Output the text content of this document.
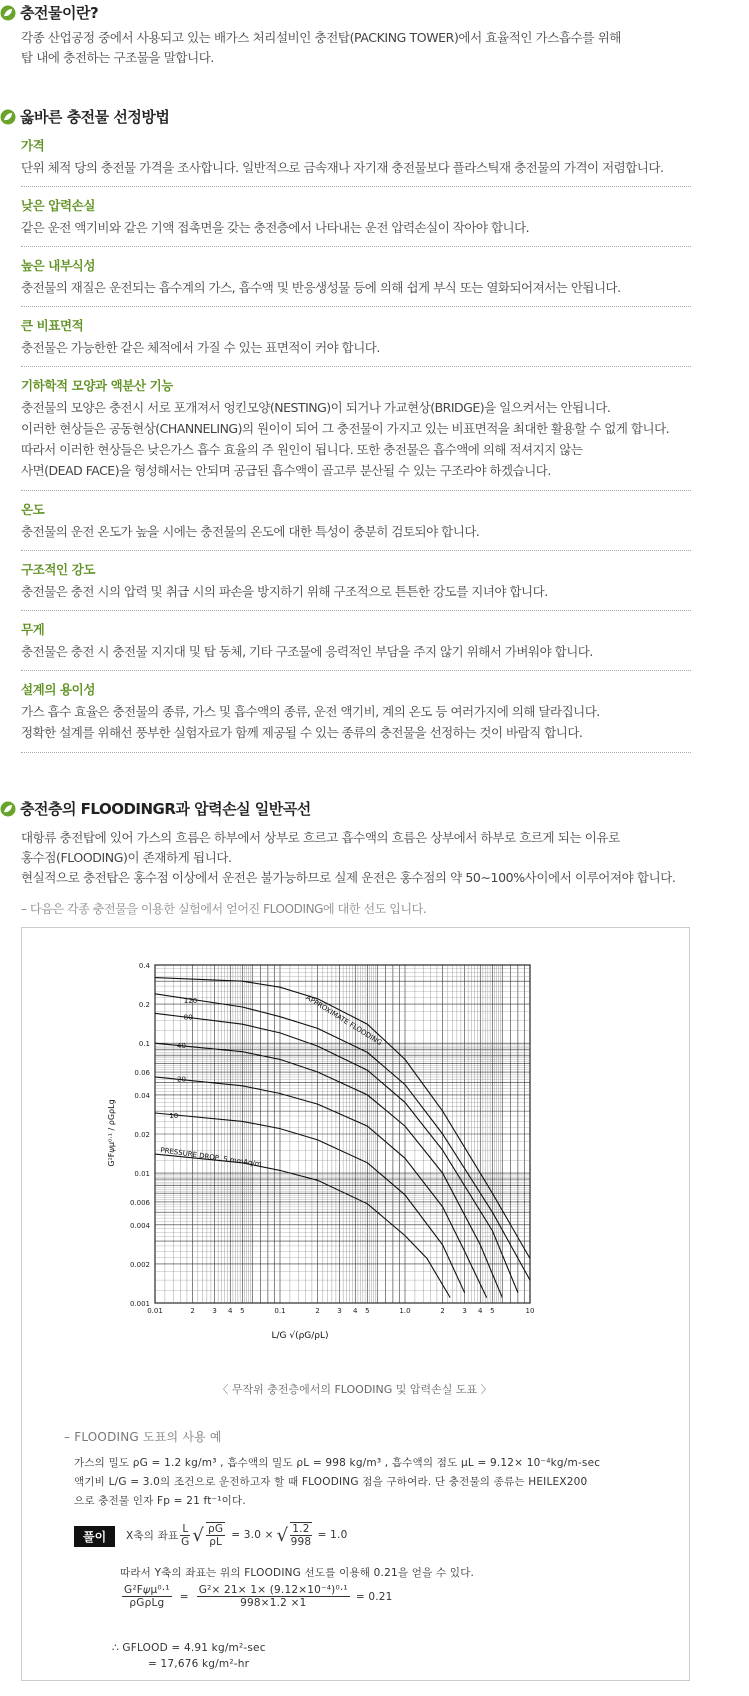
충전물이란?
각종 산업공정 중에서 사용되고 있는 배가스 처리설비인 충전탑(PACKING TOWER)에서 효율적인 가스흡수를 위해
탑 내에 충전하는 구조물을 말합니다.
옳바른 충전물 선정방법
가격
단위 체적 당의 충전물 가격을 조사합니다. 일반적으로 금속재나 자기재 충전물보다 플라스틱재 충전물의 가격이 저렴합니다.
낮은 압력손실
같은 운전 액기비와 같은 기액 접촉면을 갖는 충전층에서 나타내는 운전 압력손실이 작아야 합니다.
높은 내부식성
충전물의 재질은 운전되는 흡수계의 가스, 흡수액 및 반응생성물 등에 의해 쉽게 부식 또는 열화되어져서는 안됩니다.
큰 비표면적
충전물은 가능한한 같은 체적에서 가질 수 있는 표면적이 커야 합니다.
기하학적 모양과 액분산 기능
충전물의 모양은 충전시 서로 포개져서 엉킨모양(NESTING)이 되거나 가교현상(BRIDGE)을 일으켜서는 안됩니다.
이러한 현상들은 공동현상(CHANNELING)의 원이이 되어 그 충전물이 가지고 있는 비표면적을 최대한 활용할 수 없게 합니다.
따라서 이러한 현상들은 낮은가스 흡수 효율의 주 원인이 됩니다. 또한 충전물은 흡수액에 의해 적셔지지 않는
사면(DEAD FACE)을 형성해서는 안되며 공급된 흡수액이 골고루 분산될 수 있는 구조라야 하겠습니다.
온도
충전물의 운전 온도가 높을 시에는 충전물의 온도에 대한 특성이 충분히 검토되야 합니다.
구조적인 강도
충전물은 충전 시의 압력 및 취급 시의 파손을 방지하기 위해 구조적으로 튼튼한 강도를 지녀야 합니다.
무게
충전물은 충전 시 충전물 지지대 및 탑 동체, 기타 구조물에 응력적인 부담을 주지 않기 위해서 가벼워야 합니다.
설계의 용이성
가스 흡수 효율은 충전물의 종류, 가스 및 흡수액의 종류, 운전 액기비, 계의 온도 등 여러가지에 의해 달라집니다.
정확한 설계를 위해선 풍부한 실험자료가 함께 제공될 수 있는 종류의 충전물을 선정하는 것이 바람직 합니다.
충전층의 FLOODINGR과 압력손실 일반곡선
대항류 충전탑에 있어 가스의 흐름은 하부에서 상부로 흐르고 흡수액의 흐름은 상부에서 하부로 흐르게 되는 이유로
홍수점(FLOODING)이 존재하게 됩니다.
현실적으로 충전탑은 홍수점 이상에서 운전은 불가능하므로 실제 운전은 홍수점의 약 50∼100%사이에서 이루어져야 합니다.
– 다음은 각종 충전물을 이용한 실험에서 얻어진 FLOODING에 대한 선도 입니다.
0.4
0.2
0.1
0.06
0.04
0.02
0.01
0.006
0.004
0.002
0.001
0.01	2	3 4 5	0.1	2	3 4 5	1.0	2	3 4 5	10
120
80
40
20
10
APPROXIMATE FLOODING
PRESSURE DROP, 5 mmAq/m
G²F𝜓μ⁰·¹ / ρGρLg
L/G √(ρG/ρL)
〈 무작위 충전층에서의 FLOODING 및 압력손실 도표 〉
– FLOODING 도표의 사용 예
가스의 밀도 ρG = 1.2 kg/m³ , 흡수액의 밀도 ρL = 998 kg/m³ , 흡수액의 점도 μL = 9.12× 10⁻⁴kg/m-sec
액기비 L/G = 3.0의 조건으로 운전하고자 할 때 FLOODING 점을 구하여라. 단 충전물의 종류는 HEILEX200
으로 충전물 인자 Fp = 21 ft⁻¹이다.
풀이	X축의 좌표 $\frac{L}{G}$ √ $\frac{\rho G}{\rho L} = 3.0$ × √ $\frac{1.2}{998} = 1.0$
따라서 Y축의 좌표는 위의 FLOODING 선도를 이용해 0.21을 얻을 수 있다.
$\frac{\text{G²F𝜓μ⁰·¹}}{\text{ρGρLg}} = \frac{\text{G²× 21× 1× (9.12×10⁻⁴)⁰·¹}}{998\times 1.2 \times 1} = 0.21$
∴ GFLOOD = 4.91 kg/m²-sec
= 17,676 kg/m²-hr
